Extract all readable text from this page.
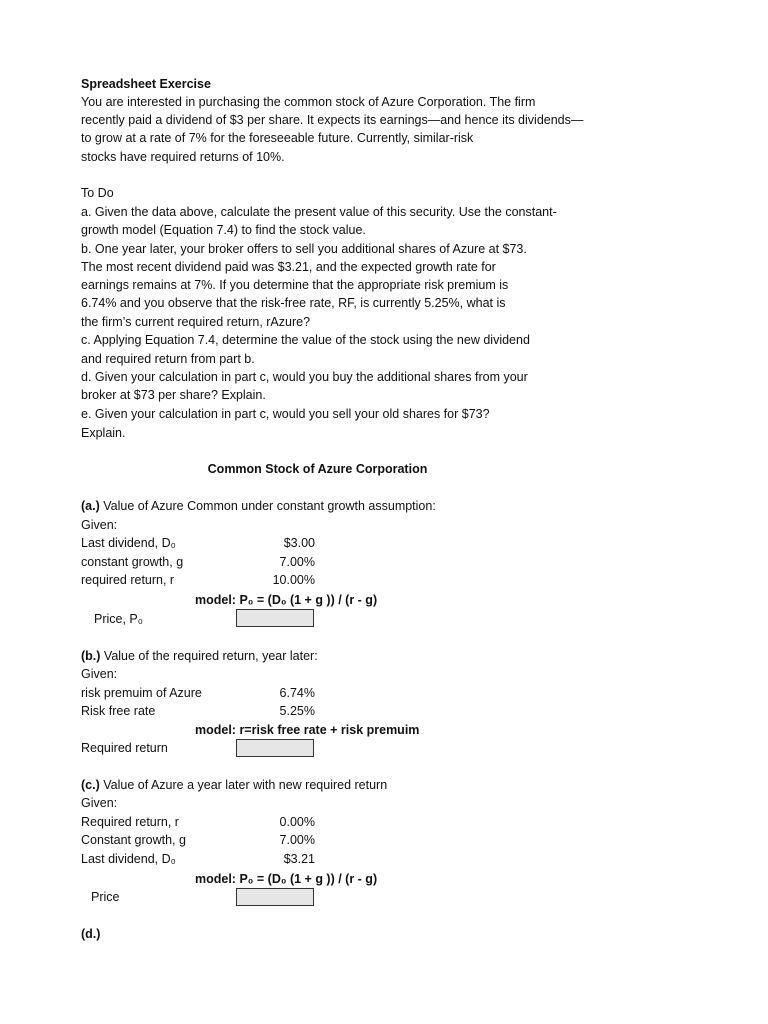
Spreadsheet Exercise
You are interested in purchasing the common stock of Azure Corporation. The firm
recently paid a dividend of $3 per share. It expects its earnings—and hence its dividends—
to grow at a rate of 7% for the foreseeable future. Currently, similar-risk
stocks have required returns of 10%.
To Do
a. Given the data above, calculate the present value of this security. Use the constant-
growth model (Equation 7.4) to find the stock value.
b. One year later, your broker offers to sell you additional shares of Azure at $73.
The most recent dividend paid was $3.21, and the expected growth rate for
earnings remains at 7%. If you determine that the appropriate risk premium is
6.74% and you observe that the risk-free rate, RF, is currently 5.25%, what is
the firm’s current required return, rAzure?
c. Applying Equation 7.4, determine the value of the stock using the new dividend
and required return from part b.
d. Given your calculation in part c, would you buy the additional shares from your
broker at $73 per share? Explain.
e. Given your calculation in part c, would you sell your old shares for $73?
Explain.
Common Stock of Azure Corporation
(a.) Value of Azure Common under constant growth assumption:
Given:
Last dividend, D₀	$3.00
constant growth, g	7.00%
required return, r	10.00%
model: P₀ = (D₀ (1 + g )) / (r - g)
Price, P₀
(b.) Value of the required return, year later:
Given:
risk premuim of Azure	6.74%
Risk free rate	5.25%
model: r=risk free rate + risk premuim
Required return
(c.) Value of Azure a year later with new required return
Given:
Required return, r	0.00%
Constant growth, g	7.00%
Last dividend, D₀	$3.21
model: P₀ = (D₀ (1 + g )) / (r - g)
Price
(d.)
